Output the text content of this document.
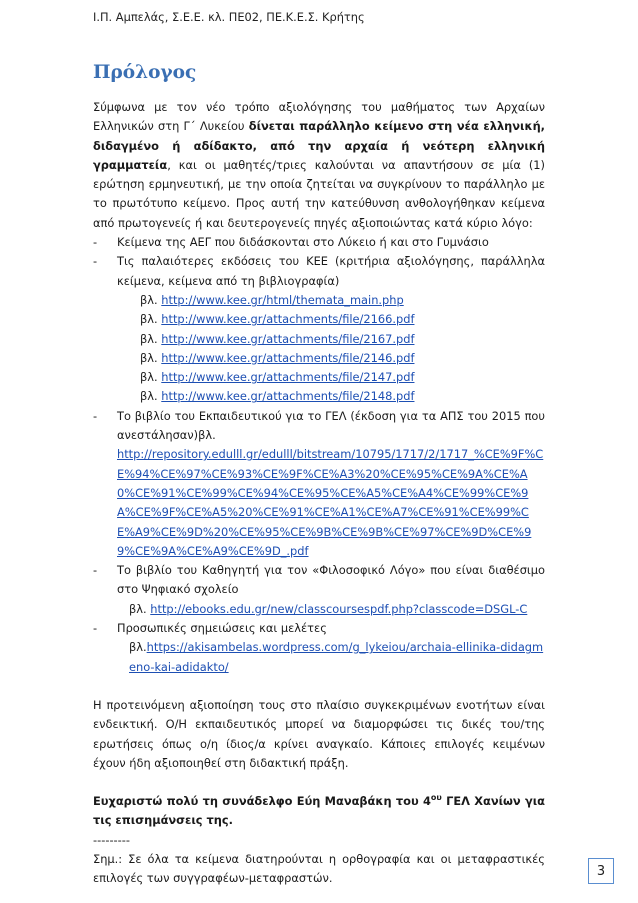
Ι.Π. Αμπελάς, Σ.Ε.Ε. κλ. ΠΕ02, ΠΕ.Κ.Ε.Σ. Κρήτης
Πρόλογος

Σύμφωνα με τον νέο τρόπο αξιολόγησης του μαθήματος των Αρχαίων Ελληνικών στη Γ΄ Λυκείου δίνεται παράλληλο κείμενο στη νέα ελληνική, διδαγμένο ή αδίδακτο, από την αρχαία ή νεότερη ελληνική γραμματεία, και οι μαθητές/τριες καλούνται να απαντήσουν σε μία (1) ερώτηση ερμηνευτική, με την οποία ζητείται να συγκρίνουν το παράλληλο με το πρωτότυπο κείμενο. Προς αυτή την κατεύθυνση ανθολογήθηκαν κείμενα από πρωτογενείς ή και δευτερογενείς πηγές αξιοποιώντας κατά κύριο λόγο:

- Κείμενα της ΑΕΓ που διδάσκονται στο Λύκειο ή και στο Γυμνάσιο
- Τις παλαιότερες εκδόσεις του ΚΕΕ (κριτήρια αξιολόγησης, παράλληλα κείμενα, κείμενα από τη βιβλιογραφία)
βλ. http://www.kee.gr/html/themata_main.php
βλ. http://www.kee.gr/attachments/file/2166.pdf
βλ. http://www.kee.gr/attachments/file/2167.pdf
βλ. http://www.kee.gr/attachments/file/2146.pdf
βλ. http://www.kee.gr/attachments/file/2147.pdf
βλ. http://www.kee.gr/attachments/file/2148.pdf
- Το βιβλίο του Εκπαιδευτικού για το ΓΕΛ (έκδοση για τα ΑΠΣ του 2015 που ανεστάλησαν)βλ.
http://repository.edulll.gr/edulll/bitstream/10795/1717/2/1717_%CE%9F%CE%94%CE%97%CE%93%CE%9F%CE%A3%20%CE%95%CE%9A%CE%A0%CE%91%CE%99%CE%94%CE%95%CE%A5%CE%A4%CE%99%CE%9A%CE%9F%CE%A5%20%CE%91%CE%A1%CE%A7%CE%91%CE%99%CE%A9%CE%9D%20%CE%95%CE%9B%CE%9B%CE%97%CE%9D%CE%99%CE%9A%CE%A9%CE%9D_.pdf
- Το βιβλίο του Καθηγητή για τον «Φιλοσοφικό Λόγο» που είναι διαθέσιμο στο Ψηφιακό σχολείο
βλ. http://ebooks.edu.gr/new/classcoursespdf.php?classcode=DSGL-C
- Προσωπικές σημειώσεις και μελέτες
βλ.https://akisambelas.wordpress.com/g_lykeiou/archaia-ellinika-didagmeno-kai-adidakto/

Η προτεινόμενη αξιοποίηση τους στο πλαίσιο συγκεκριμένων ενοτήτων είναι ενδεικτική. Ο/Η εκπαιδευτικός μπορεί να διαμορφώσει τις δικές του/της ερωτήσεις όπως ο/η ίδιος/α κρίνει αναγκαίο. Κάποιες επιλογές κειμένων έχουν ήδη αξιοποιηθεί στη διδακτική πράξη.

Ευχαριστώ πολύ τη συνάδελφο Εύη Μαναβάκη του $4^{o\upsilon}$ ΓΕΛ Χανίων για τις επισημάνσεις της.

---------

Σημ.: Σε όλα τα κείμενα διατηρούνται η ορθογραφία και οι μεταφραστικές επιλογές των συγγραφέων-μεταφραστών.	3
